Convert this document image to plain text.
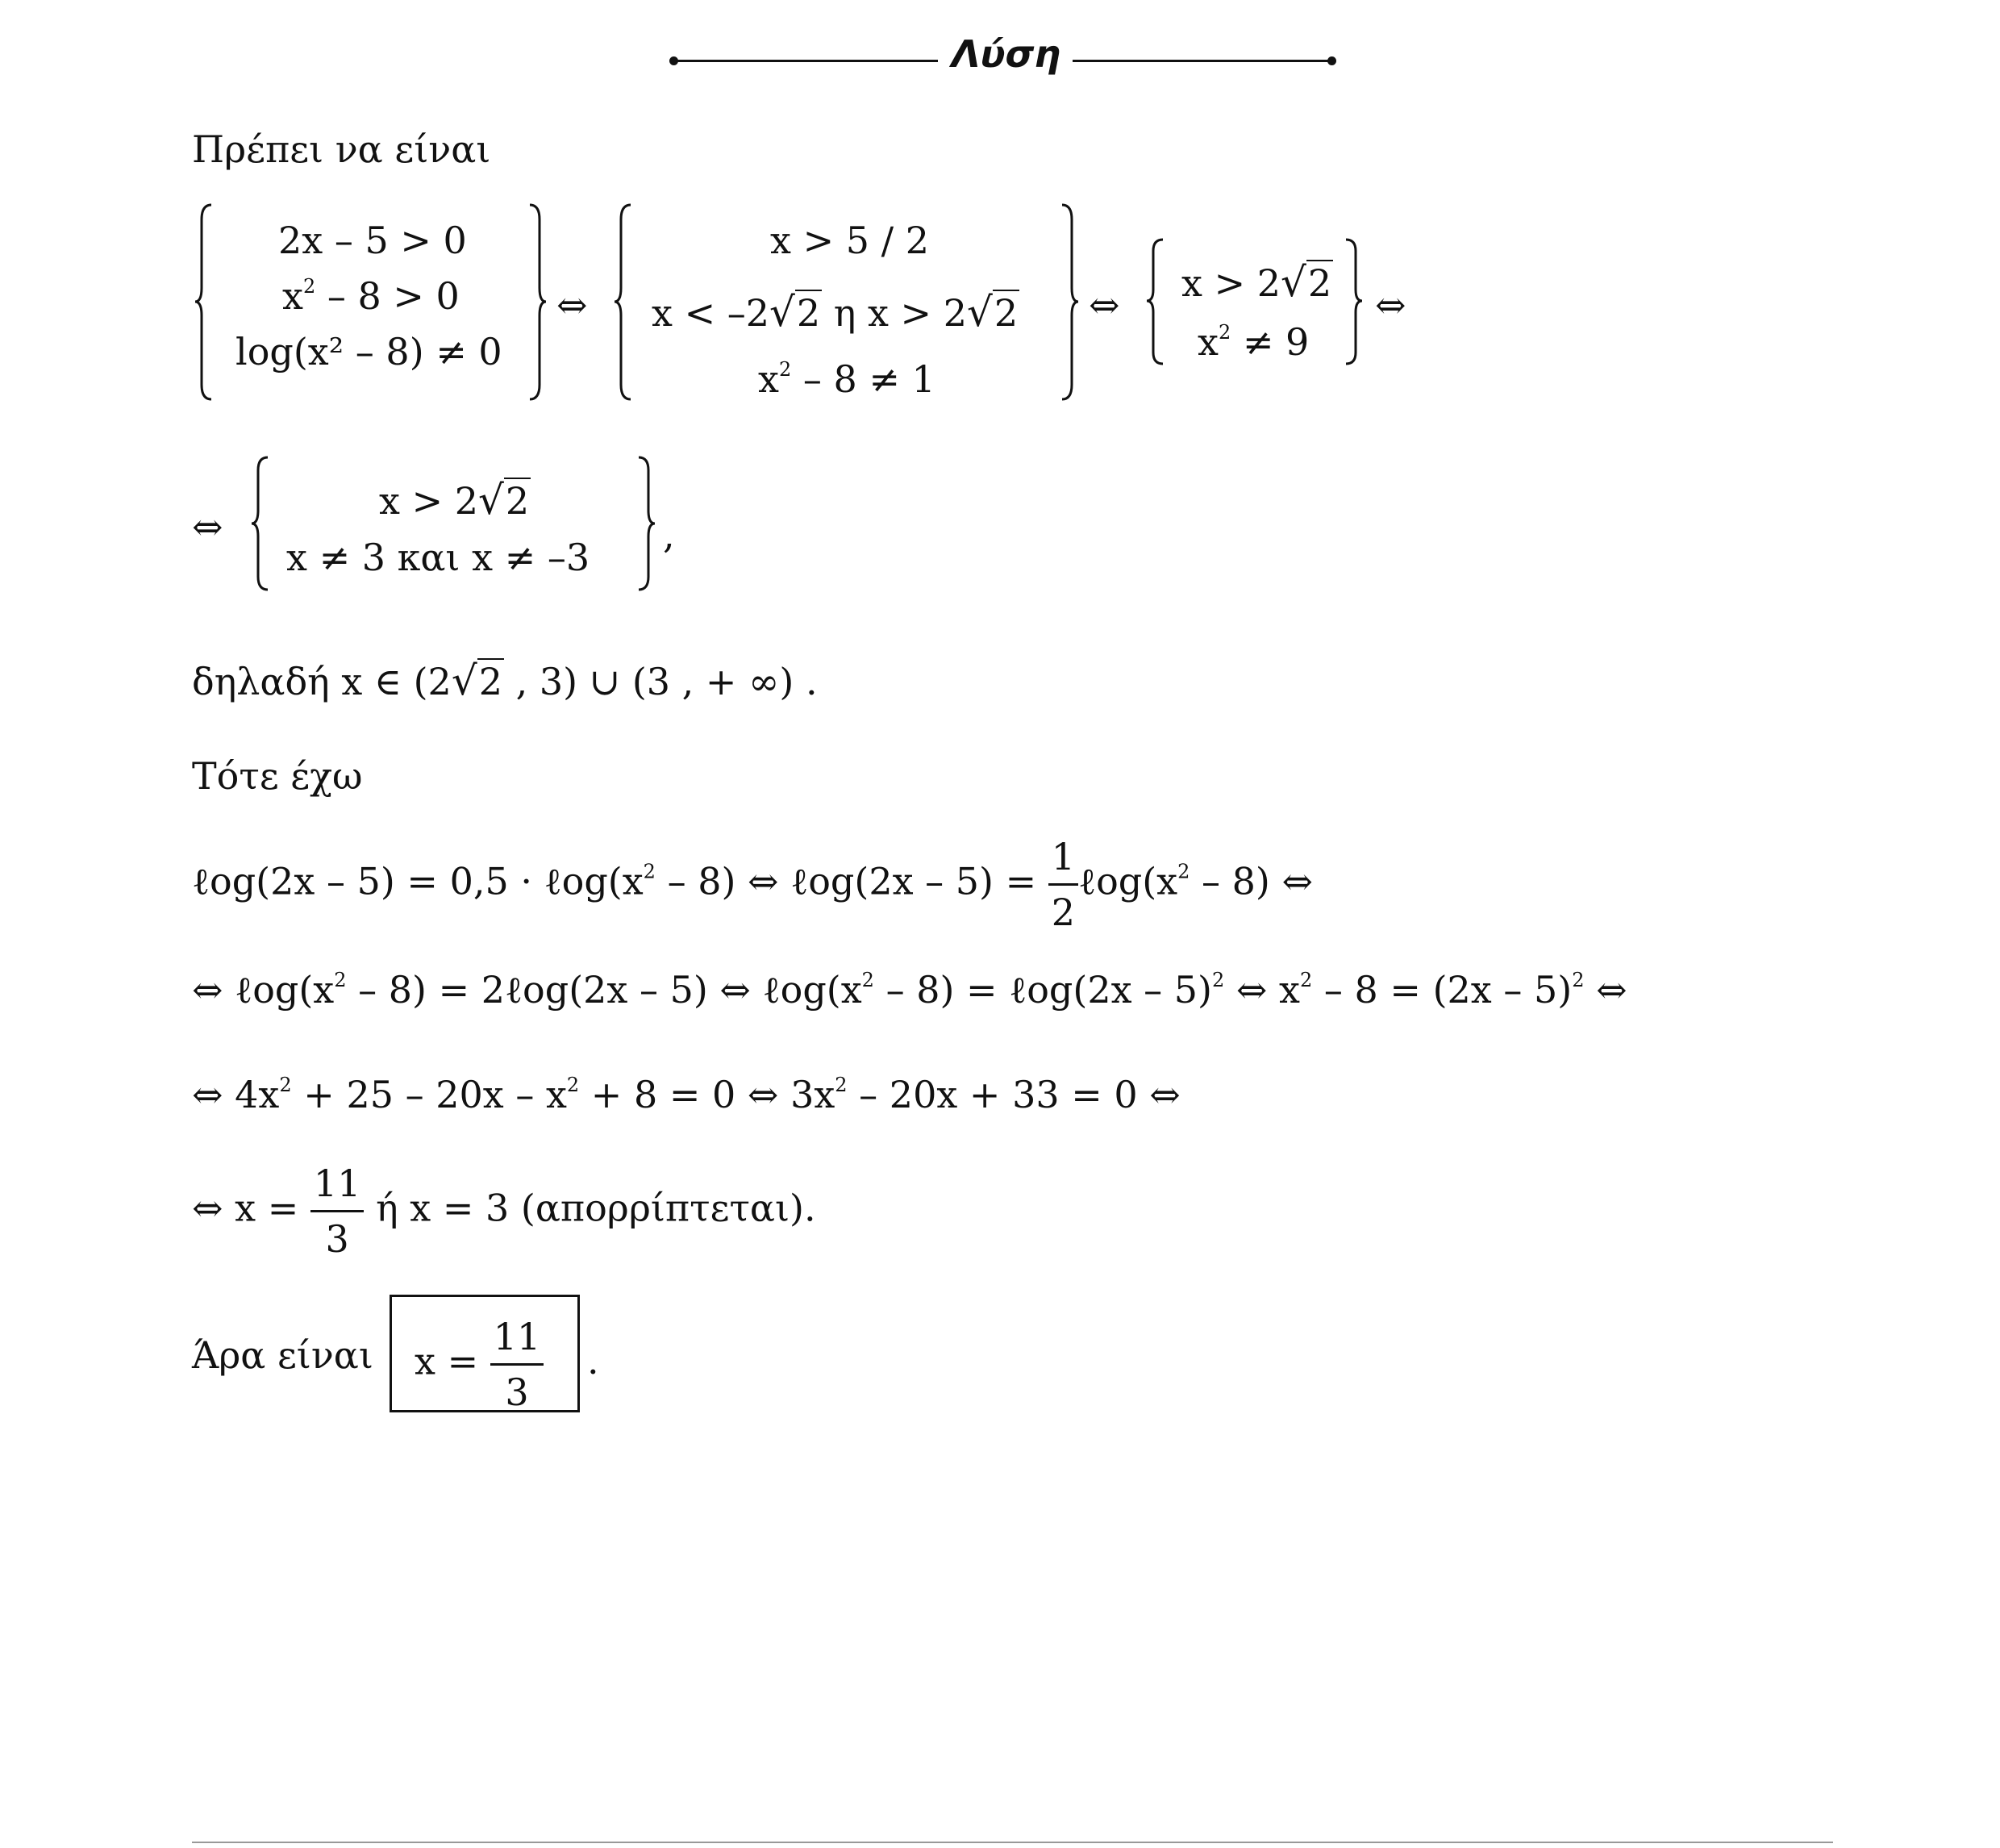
Λύση
Πρέπει να είναι
2x – 5 > 0
$x^2 - 8 > 0$
log(x² – 8) ≠ 0
⇔
x > 5 / 2
x < –2√2 η x > 2√2
$x^2 - 8 \ne 1$
⇔ x > 2√2
$x^2 \ne 9$
⇔
⇔
x > 2√2
x ≠ 3 και x ≠ –3
,
δηλαδή x ∈ (2√2 , 3) ∪ (3 , + ∞) .
Τότε έχω
ℓog(2x – $5) = 0,5 \cdot \ell og(x^2 - 8)$ ⇔ ℓog(2x – $5) = \frac{1}{2}$ $\ell og(x^2 - 8)$ ⇔
⇔ $\ell og(x^2 - 8)$ = 2ℓog(2x – 5) ⇔ $\ell og(x^2 - 8)$ = ℓog(2x – 5)$^2$ ⇔ $x^2 - 8 = (2x - 5)^2$ ⇔
⇔ $4x^2 + 25 - 20x - x^2 + 8 = 0$ ⇔ $3x^2 - 20x + 33 = 0$ ⇔
⇔ $x = \frac{11}{3}$ ή x = 3 (απορρίπτεται).
Άρα είναι $x = \frac{11}{3}$ .
